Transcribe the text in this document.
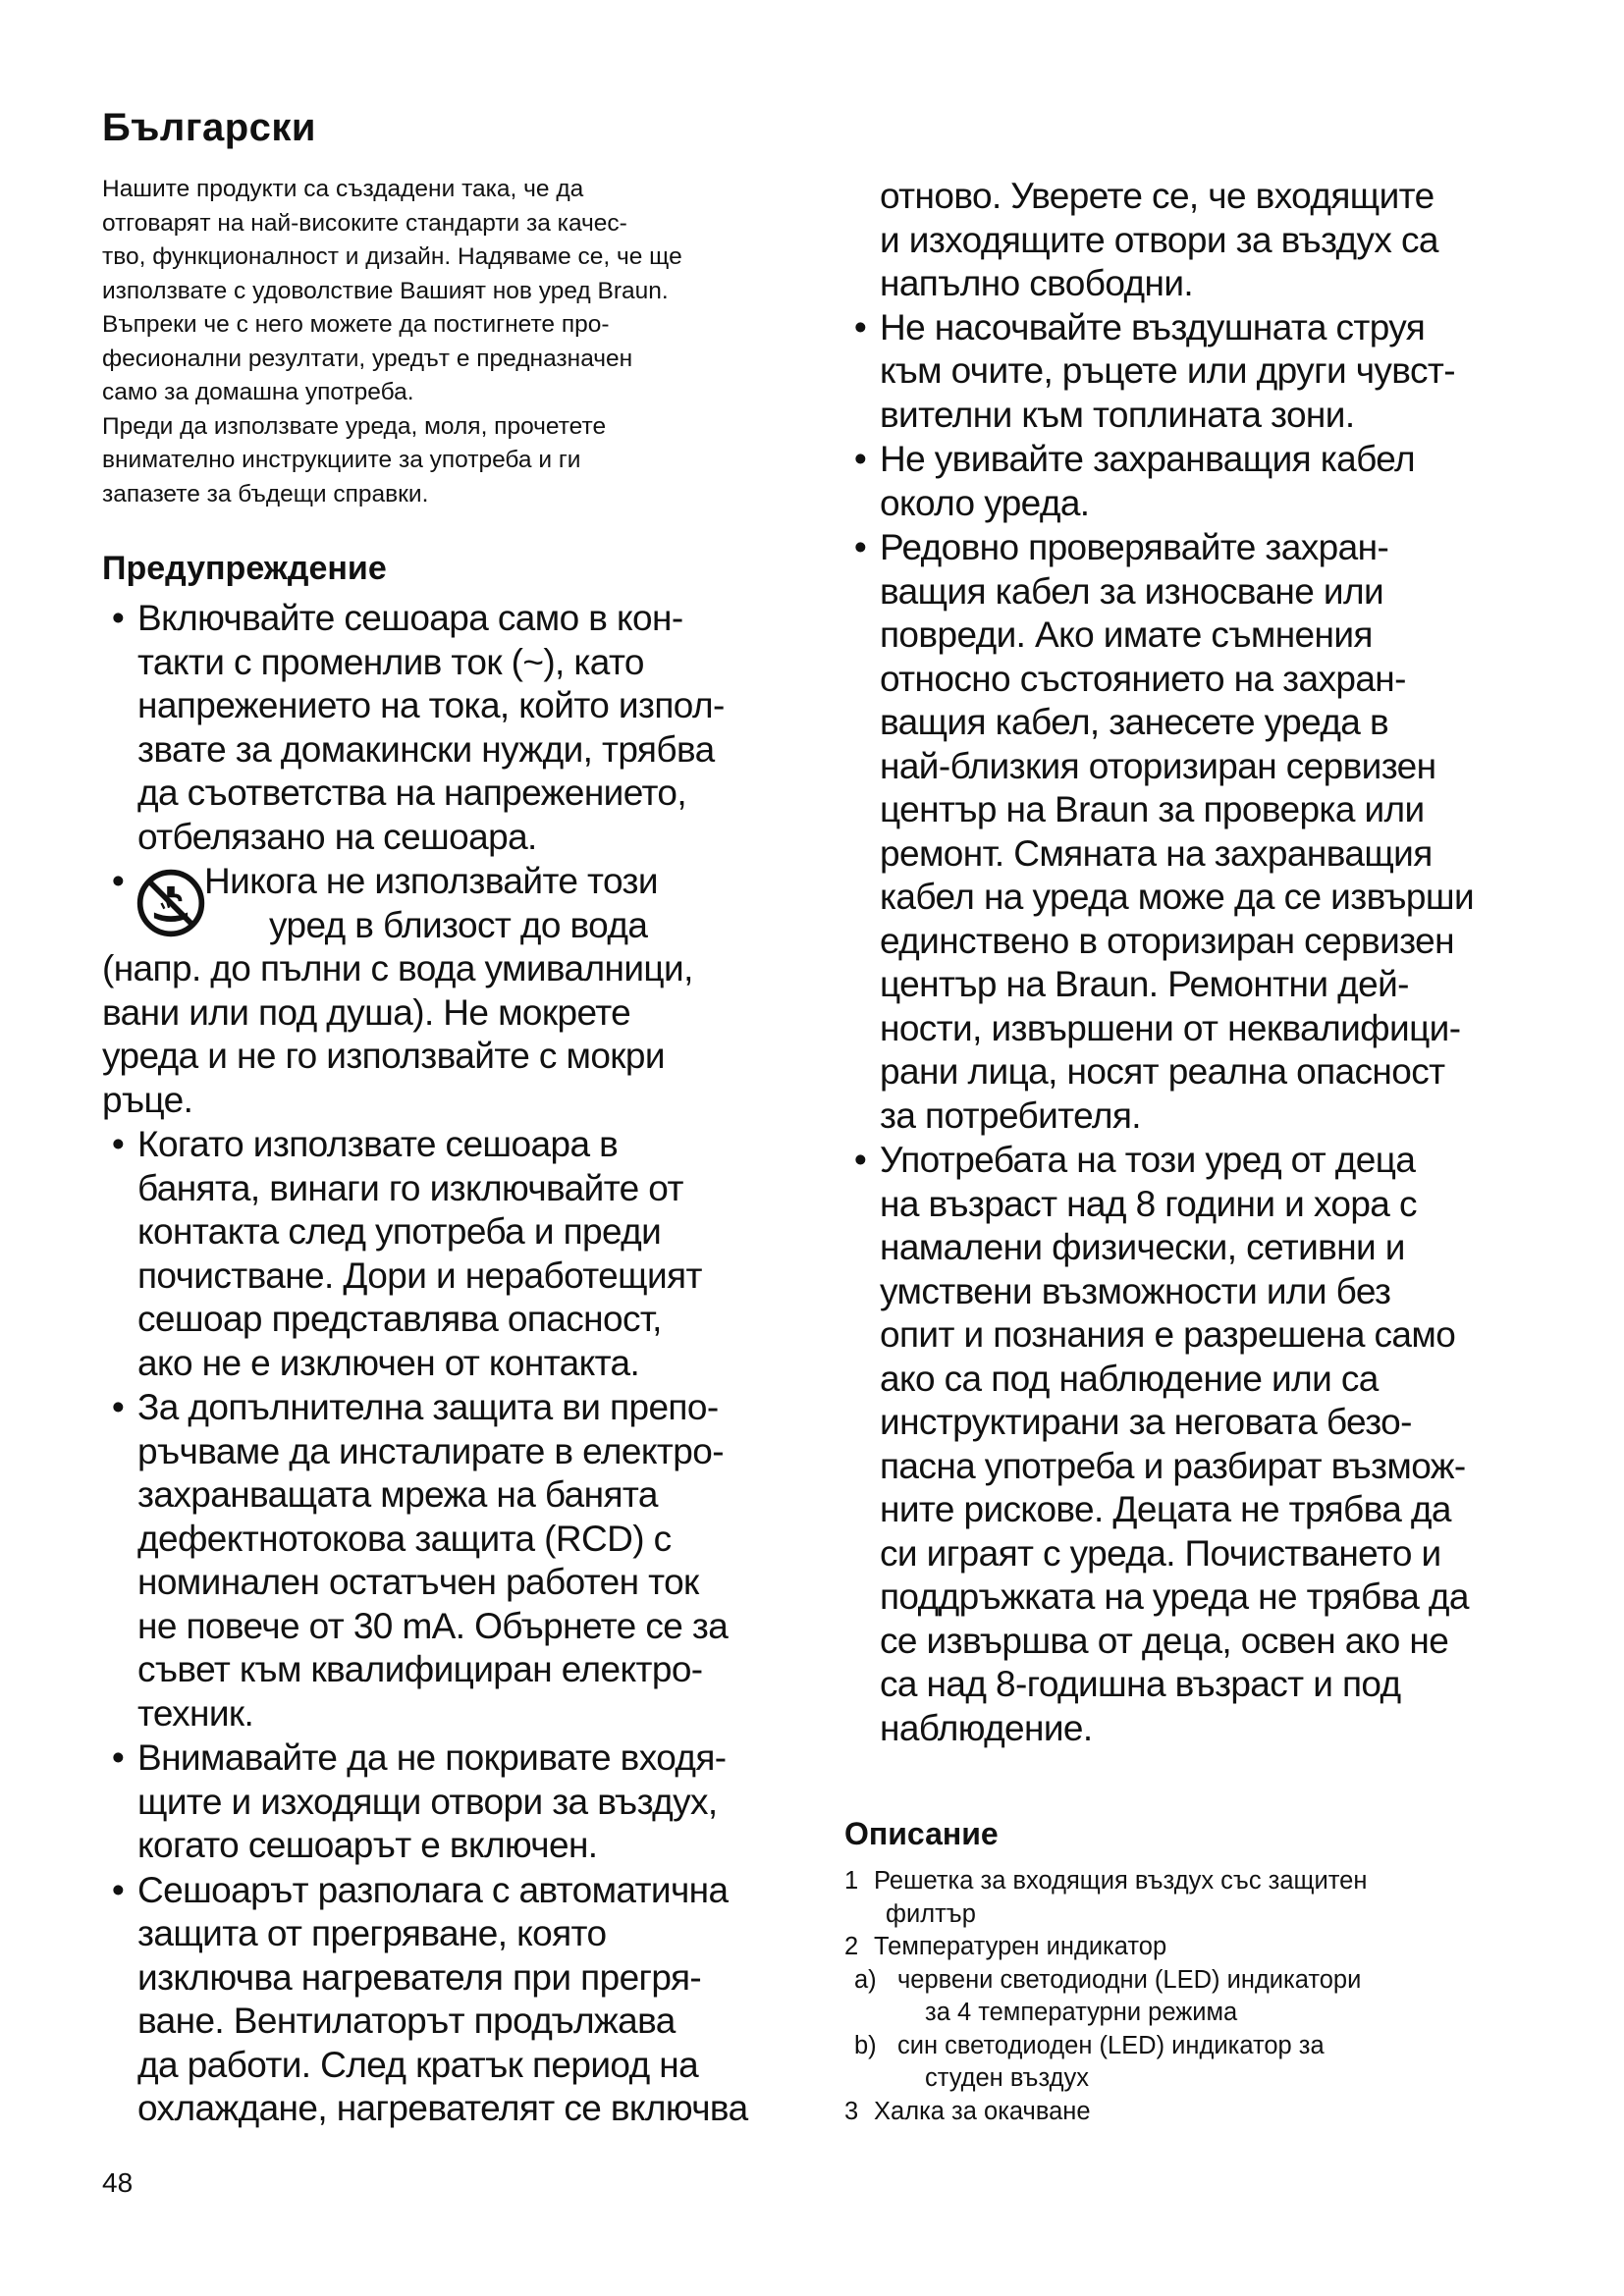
Български

Нашите продукти са създадени така, че да

отговарят на най-високите стандарти за качес-

тво, функционалност и дизайн. Надяваме се, че ще

използвате с удоволствие Вашият нов уред Braun.

Въпреки че с него можете да постигнете про-

фесионални резултати, уредът е предназначен

само за домашна употреба.

Преди да използвате уреда, моля, прочетете

внимателно инструкциите за употреба и ги

запазете за бъдещи справки.

Предупреждение
• Включвайте сешоара само в кон-
такти с променлив ток (~), като
напрежението на тока, който изпол-
звате за домакински нужди, трябва
да съответства на напрежението,
отбелязано на сешоара.
•	Никога не използвайте този
уред в близост до вода
(напр. до пълни с вода умивалници,
вани или под душа). Не мокрете
уреда и не го използвайте с мокри
ръце.
• Когато използвате сешоара в
банята, винаги го изключвайте от
контакта след употреба и преди
почистване. Дори и неработещият
сешоар представлява опасност,
ако не е изключен от контакта.
• За допълнителна защита ви препо-
ръчваме да инсталирате в електро-
захранващата мрежа на банята
дефектнотокова защита (RCD) с
номинален остатъчен работен ток
не повече от 30 mA. Обърнете се за
съвет към квалифициран електро-
техник.
• Внимавайте да не покривате входя-
щите и изходящи отвори за въздух,
когато сешоарът е включен.
• Сешоарът разполага с автоматична
защита от прегряване, която
изключва нагревателя при прегря-
ване. Вентилаторът продължава
да работи. След кратък период на
охлаждане, нагревателят се включва
отново. Уверете се, че входящите
и изходящите отвори за въздух са
напълно свободни.
• Не насочвайте въздушната струя
към очите, ръцете или други чувст-
вителни към топлината зони.
• Не увивайте захранващия кабел
около уреда.
• Редовно проверявайте захран-
ващия кабел за износване или
повреди. Ако имате съмнения
относно състоянието на захран-
ващия кабел, занесете уреда в
най-близкия оторизиран сервизен
център на Braun за проверка или
ремонт. Смяната на захранващия
кабел на уреда може да се извърши
единствено в оторизиран сервизен
център на Braun. Ремонтни дей-
ности, извършени от неквалифици-
рани лица, носят реална опасност
за потребителя.
• Употребата на този уред от деца
на възраст над 8 години и хора с
намалени физически, сетивни и
умствени възможности или без
опит и познания е разрешена само
ако са под наблюдение или са
инструктирани за неговата безо-
пасна употреба и разбират възмож-
ните рискове. Децата не трябва да
си играят с уреда. Почистването и
поддръжката на уреда не трябва да
се извършва от деца, освен ако не
са над 8-годишна възраст и под
наблюдение.
Описание

1 Решетка за входящия въздух със защитен

филтър

2 Температурен индикатор

a) червени светодиодни (LED) индикатори

за 4 температурни режима

b) син светодиоден (LED) индикатор за

студен въздух

3 Халка за окачване

48
